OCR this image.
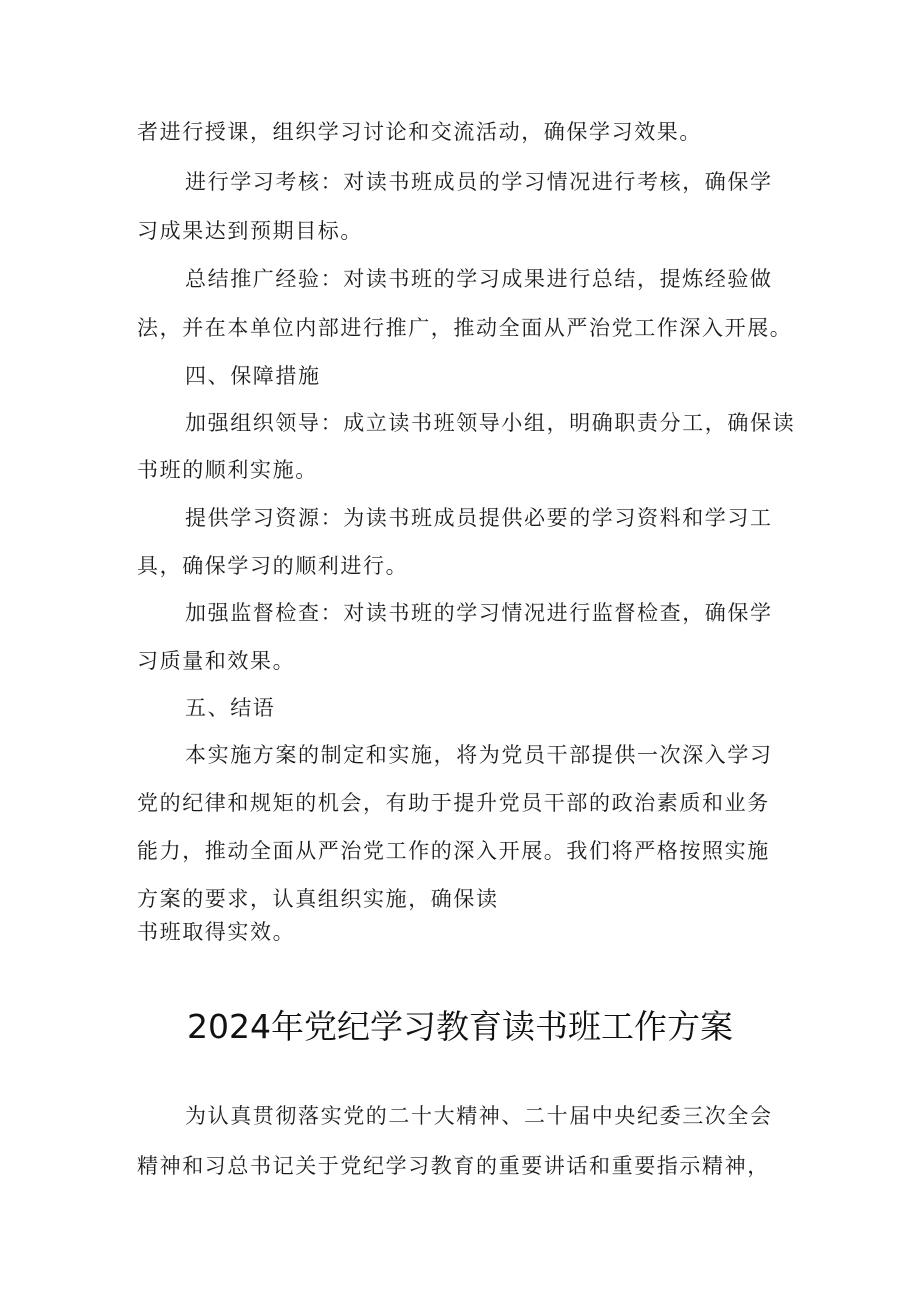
者进行授课，组织学习讨论和交流活动，确保学习效果。
进行学习考核：对读书班成员的学习情况进行考核，确保学
习成果达到预期目标。
总结推广经验：对读书班的学习成果进行总结，提炼经验做
法，并在本单位内部进行推广，推动全面从严治党工作深入开展。
四、保障措施
加强组织领导：成立读书班领导小组，明确职责分工，确保读
书班的顺利实施。
提供学习资源：为读书班成员提供必要的学习资料和学习工
具，确保学习的顺利进行。
加强监督检查：对读书班的学习情况进行监督检查，确保学
习质量和效果。
五、结语
本实施方案的制定和实施，将为党员干部提供一次深入学习
党的纪律和规矩的机会，有助于提升党员干部的政治素质和业务
能力，推动全面从严治党工作的深入开展。我们将严格按照实施
方案的要求，认真组织实施，确保读
书班取得实效。
2024年党纪学习教育读书班工作方案
为认真贯彻落实党的二十大精神、二十届中央纪委三次全会
精神和习总书记关于党纪学习教育的重要讲话和重要指示精神，
